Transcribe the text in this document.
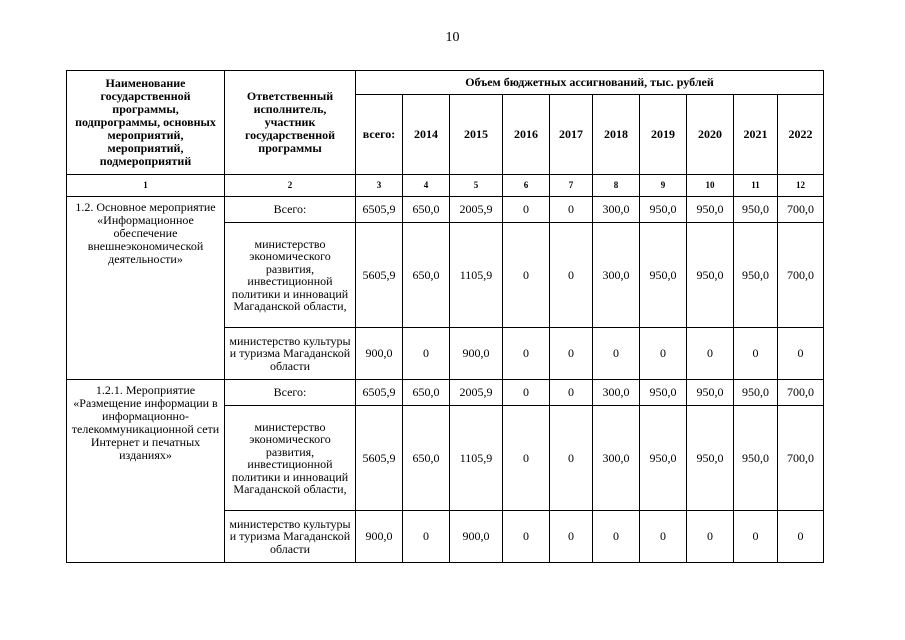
10
Наименование государственной программы, подпрограммы, основных мероприятий, мероприятий, подмероприятий	Ответственный исполнитель, участник государственной программы	Объем бюджетных ассигнований, тыс. рублей									
		всего:	2014	2015	2016	2017	2018	2019	2020	2021	2022
1	2	3	4	5	6	7	8	9	10	11	12
1.2. Основное мероприятие «Информационное обеспечение внешнеэкономической деятельности»	Всего:	6505,9	650,0	2005,9	0	0	300,0	950,0	950,0	950,0	700,0
	министерство экономического развития, инвестиционной политики и инноваций Магаданской области,	5605,9	650,0	1105,9	0	0	300,0	950,0	950,0	950,0	700,0
	министерство культуры и туризма Магаданской области	900,0	0	900,0	0	0	0	0	0	0	0
1.2.1. Мероприятие «Размещение информации в информационно-телекоммуникационной сети Интернет и печатных изданиях»	Всего:	6505,9	650,0	2005,9	0	0	300,0	950,0	950,0	950,0	700,0
	министерство экономического развития, инвестиционной политики и инноваций Магаданской области,	5605,9	650,0	1105,9	0	0	300,0	950,0	950,0	950,0	700,0
	министерство культуры и туризма Магаданской области	900,0	0	900,0	0	0	0	0	0	0	0
